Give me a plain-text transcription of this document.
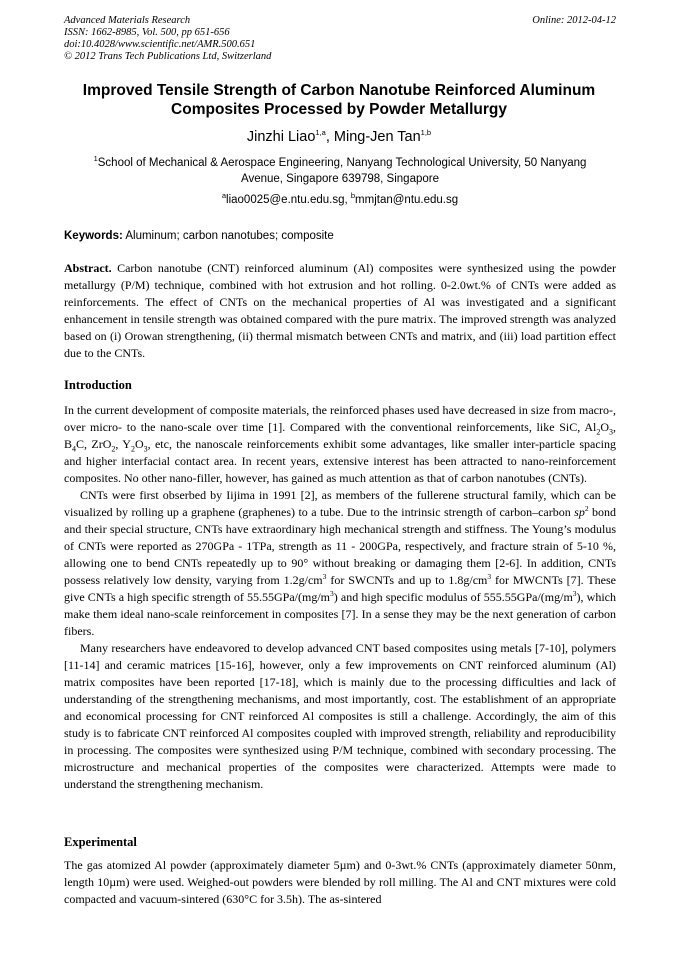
Advanced Materials Research
ISSN: 1662-8985, Vol. 500, pp 651-656
doi:10.4028/www.scientific.net/AMR.500.651
© 2012 Trans Tech Publications Ltd, Switzerland
Online: 2012-04-12
Improved Tensile Strength of Carbon Nanotube Reinforced Aluminum
Composites Processed by Powder Metallurgy
Jinzhi Liao$^{1,a}$, Ming-Jen Tan$^{1,b}$
$^1$School of Mechanical & Aerospace Engineering, Nanyang Technological University, 50 Nanyang
Avenue, Singapore 639798, Singapore
$^a$liao0025@e.ntu.edu.sg, $^b$mmjtan@ntu.edu.sg
Keywords: Aluminum; carbon nanotubes; composite

Abstract. Carbon nanotube (CNT) reinforced aluminum (Al) composites were synthesized using the powder metallurgy (P/M) technique, combined with hot extrusion and hot rolling. 0-2.0wt.% of CNTs were added as reinforcements. The effect of CNTs on the mechanical properties of Al was investigated and a significant enhancement in tensile strength was obtained compared with the pure matrix. The improved strength was analyzed based on (i) Orowan strengthening, (ii) thermal mismatch between CNTs and matrix, and (iii) load partition effect due to the CNTs.

Introduction

In the current development of composite materials, the reinforced phases used have decreased in size from macro-, over micro- to the nano-scale over time [1]. Compared with the conventional reinforcements, like SiC, $Al_2O_3$, $B_4C$, ZrO$_2$, $Y_2O_3$, etc, the nanoscale reinforcements exhibit some advantages, like smaller inter-particle spacing and higher interfacial contact area. In recent years, extensive interest has been attracted to nano-reinforcement composites. No other nano-filler, however, has gained as much attention as that of carbon nanotubes (CNTs).

CNTs were first obserbed by Iijima in 1991 [2], as members of the fullerene structural family, which can be visualized by rolling up a graphene (graphenes) to a tube. Due to the intrinsic strength of carbon–carbon $sp^2$ bond and their special structure, CNTs have extraordinary high mechanical strength and stiffness. The Young’s modulus of CNTs were reported as 270GPa - 1TPa, strength as 11 - 200GPa, respectively, and fracture strain of 5-10 %, allowing one to bend CNTs repeatedly up to 90° without breaking or damaging them [2-6]. In addition, CNTs possess relatively low density, varying from $1.2g/cm^3$ for SWCNTs and up to $1.8g/cm^3$ for MWCNTs [7]. These give CNTs a high specific strength of $55.55GPa/(mg/m^3)$ and high specific modulus of $555.55GPa/(mg/m^3)$, which make them ideal nano-scale reinforcement in composites [7]. In a sense they may be the next generation of carbon fibers.

Many researchers have endeavored to develop advanced CNT based composites using metals [7-10], polymers [11-14] and ceramic matrices [15-16], however, only a few improvements on CNT reinforced aluminum (Al) matrix composites have been reported [17-18], which is mainly due to the processing difficulties and lack of understanding of the strengthening mechanisms, and most importantly, cost. The establishment of an appropriate and economical processing for CNT reinforced Al composites is still a challenge. Accordingly, the aim of this study is to fabricate CNT reinforced Al composites coupled with improved strength, reliability and reproducibility in processing. The composites were synthesized using P/M technique, combined with secondary processing. The microstructure and mechanical properties of the composites were characterized. Attempts were made to understand the strengthening mechanism.

Experimental

The gas atomized Al powder (approximately diameter 5µm) and 0-3wt.% CNTs (approximately diameter 50nm, length 10µm) were used. Weighed-out powders were blended by roll milling. The Al and CNT mixtures were cold compacted and vacuum-sintered (630°C for 3.5h). The as-sintered
